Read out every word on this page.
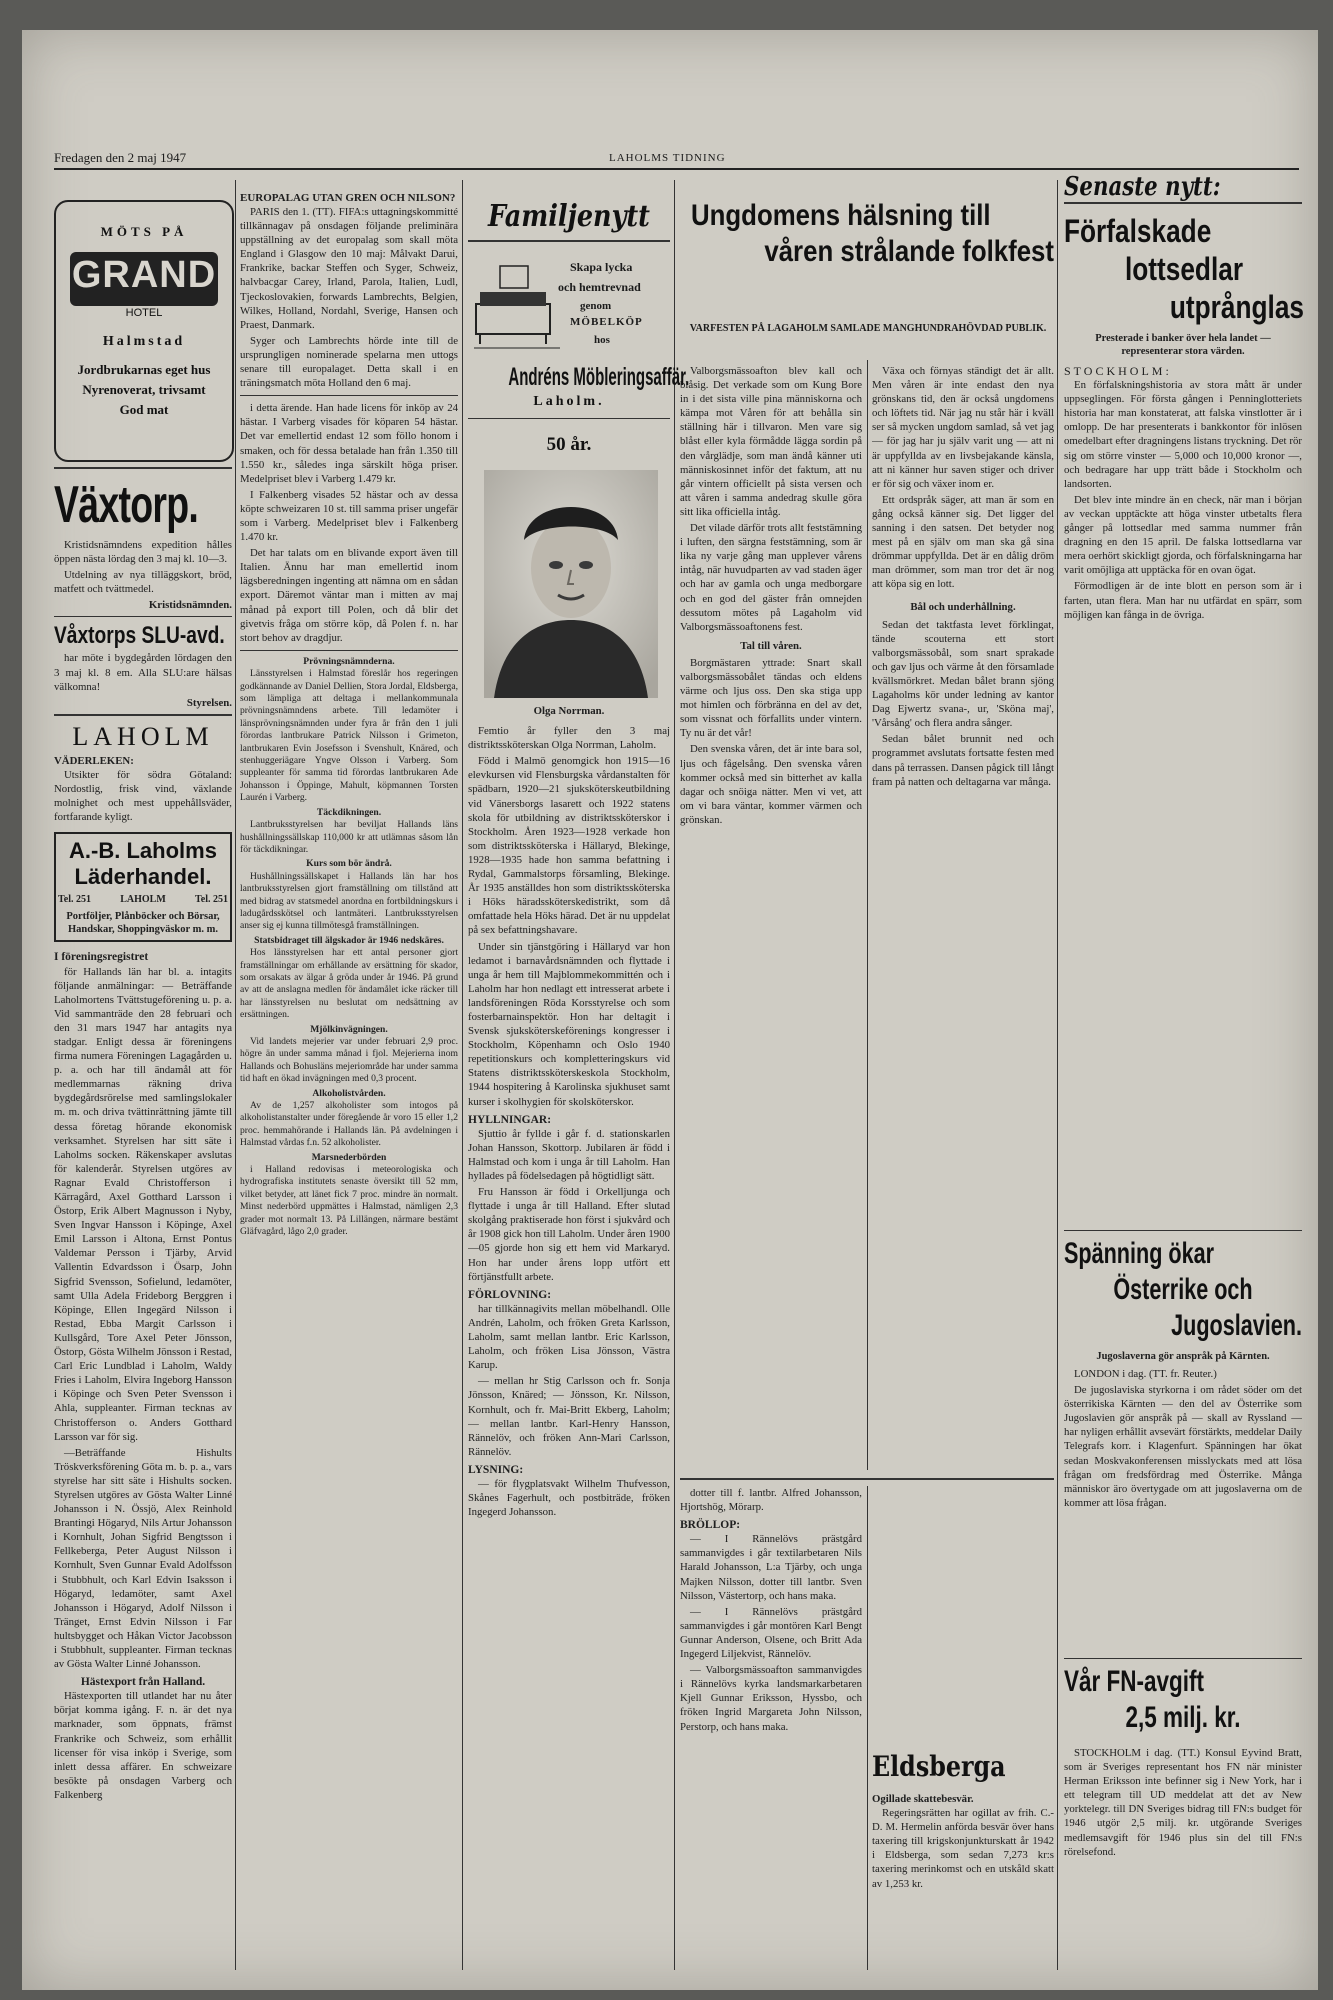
Fredagen den 2 maj 1947	LAHOLMS TIDNING
MÖTS PÅ
GRAND
HOTEL
Halmstad
Jordbrukarnas eget hus
Nyrenoverat, trivsamt
God mat
Växtorp.

Kristidsnämndens expedition hålles öppen nästa lördag den 3 maj kl. 10—3.

Utdelning av nya tilläggskort, bröd, matfett och tvättmedel.

Kristidsnämnden.

Våxtorps SLU-avd.

har möte i bygdegården lördagen den 3 maj kl. 8 em. Alla SLU:are hälsas välkomna!

Styrelsen.

LAHOLM
VÄDERLEKEN:

Utsikter för södra Götaland: Nordostlig, frisk vind, växlande molnighet och mest uppehållsväder, fortfarande kyligt.

A.-B. Laholms
Läderhandel.
Tel. 251	LAHOLM	Tel. 251
Portföljer, Plånböcker och Börsar, Handskar, Shoppingväskor m. m.
I föreningsregistret

för Hallands län har bl. a. intagits följande anmälningar: — Beträffande Laholmortens Tvättstugeförening u. p. a. Vid sammanträde den 28 februari och den 31 mars 1947 har antagits nya stadgar. Enligt dessa är föreningens firma numera Föreningen Lagagården u. p. a. och har till ändamål att för medlemmarnas räkning driva bygdegårdsrörelse med samlingslokaler m. m. och driva tvättinrättning jämte till dessa företag hörande ekonomisk verksamhet. Styrelsen har sitt säte i Laholms socken. Räkenskaper avslutas för kalenderår. Styrelsen utgöres av Ragnar Evald Christofferson i Kärragård, Axel Gotthard Larsson i Östorp, Erik Albert Magnusson i Nyby, Sven Ingvar Hansson i Köpinge, Axel Emil Larsson i Altona, Ernst Pontus Valdemar Persson i Tjärby, Arvid Vallentin Edvardsson i Ösarp, John Sigfrid Svensson, Sofielund, ledamöter, samt Ulla Adela Frideborg Berggren i Köpinge, Ellen Ingegärd Nilsson i Restad, Ebba Margit Carlsson i Kullsgård, Tore Axel Peter Jönsson, Östorp, Gösta Wilhelm Jönsson i Restad, Carl Eric Lundblad i Laholm, Waldy Fries i Laholm, Elvira Ingeborg Hansson i Köpinge och Sven Peter Svensson i Ahla, suppleanter. Firman tecknas av Christofferson o. Anders Gotthard Larsson var för sig.

—Beträffande Hishults Tröskverksförening Göta m. b. p. a., vars styrelse har sitt säte i Hishults socken. Styrelsen utgöres av Gösta Walter Linné Johansson i N. Össjö, Alex Reinhold Brantingi Högaryd, Nils Artur Johansson i Kornhult, Johan Sigfrid Bengtsson i Fellkeberga, Peter August Nilsson i Kornhult, Sven Gunnar Evald Adolfsson i Stubbhult, och Karl Edvin Isaksson i Högaryd, ledamöter, samt Axel Johansson i Högaryd, Adolf Nilsson i Tränget, Ernst Edvin Nilsson i Far hultsbygget och Håkan Victor Jacobsson i Stubbhult, suppleanter. Firman tecknas av Gösta Walter Linné Johansson.

Hästexport från Halland.

Hästexporten till utlandet har nu åter börjat komma igång. F. n. är det nya marknader, som öppnats, främst Frankrike och Schweiz, som erhållit licenser för visa inköp i Sverige, som inlett dessa affärer. En schweizare besökte på onsdagen Varberg och Falkenberg

EUROPALAG UTAN GREN OCH NILSON?

PARIS den 1. (TT). FIFA:s uttagningskommitté tillkännagav på onsdagen följande preliminära uppställning av det europalag som skall möta England i Glasgow den 10 maj: Målvakt Darui, Frankrike, backar Steffen och Syger, Schweiz, halvbacgar Carey, Irland, Parola, Italien, Ludl, Tjeckoslovakien, forwards Lambrechts, Belgien, Wilkes, Holland, Nordahl, Sverige, Hansen och Praest, Danmark.

Syger och Lambrechts hörde inte till de ursprungligen nominerade spelarna men uttogs senare till europalaget. Detta skall i en träningsmatch möta Holland den 6 maj.

i detta ärende. Han hade licens för inköp av 24 hästar. I Varberg visades för köparen 54 hästar. Det var emellertid endast 12 som föllo honom i smaken, och för dessa betalade han från 1.350 till 1.550 kr., således inga särskilt höga priser. Medelpriset blev i Varberg 1.479 kr.

I Falkenberg visades 52 hästar och av dessa köpte schweizaren 10 st. till samma priser ungefär som i Varberg. Medelpriset blev i Falkenberg 1.470 kr.

Det har talats om en blivande export även till Italien. Ännu har man emellertid inom lägsberedningen ingenting att nämna om en sådan export. Däremot väntar man i mitten av maj månad på export till Polen, och då blir det givetvis fråga om större köp, då Polen f. n. har stort behov av dragdjur.

Prövningsnämnderna.

Länsstyrelsen i Halmstad föreslår hos regeringen godkännande av Daniel Dellien, Stora Jordal, Eldsberga, som lämpliga att deltaga i mellankommunala prövningsnämndens arbete. Till ledamöter i länsprövningsnämnden under fyra år från den 1 juli förordas lantbrukare Patrick Nilsson i Grimeton, lantbrukaren Evin Josefsson i Svenshult, Knäred, och stenhuggeriägare Yngve Olsson i Varberg. Som suppleanter för samma tid förordas lantbrukaren Ade Johansson i Öppinge, Mahult, köpmannen Torsten Laurén i Varberg.

Täckdikningen.

Lantbruksstyrelsen har beviljat Hallands läns hushållningssällskap 110,000 kr att utlämnas såsom lån för täckdikningar.

Kurs som bör ändrå.

Hushållningssällskapet i Hallands län har hos lantbruksstyrelsen gjort framställning om tillstånd att med bidrag av statsmedel anordna en fortbildningskurs i ladugårdsskötsel och lantmäteri. Lantbruksstyrelsen anser sig ej kunna tillmötesgå framställningen.

Statsbidraget till älgskador är 1946 nedskäres.

Hos länsstyrelsen har ett antal personer gjort framställningar om erhållande av ersättning för skador, som orsakats av älgar å gröda under år 1946. På grund av att de anslagna medlen för ändamålet icke räcker till har länsstyrelsen nu beslutat om nedsättning av ersättningen.

Mjölkinvägningen.

Vid landets mejerier var under februari 2,9 proc. högre än under samma månad i fjol. Mejerierna inom Hallands och Bohusläns mejeriområde har under samma tid haft en ökad invägningen med 0,3 procent.

Alkoholistvården.

Av de 1,257 alkoholister som intogos på alkoholistanstalter under föregående år voro 15 eller 1,2 proc. hemmahörande i Hallands län. På avdelningen i Halmstad vårdas f.n. 52 alkoholister.

Marsnederbörden

i Halland redovisas i meteorologiska och hydrografiska institutets senaste översikt till 52 mm, vilket betyder, att länet fick 7 proc. mindre än normalt. Minst nederbörd uppmättes i Halmstad, nämligen 2,3 grader mot normalt 13. På Lillängen, närmare bestämt Gläfvagård, lågo 2,0 grader.

Familjenytt
Skapa lycka
och hemtrevnad
genom
MÖBELKÖP
hos
Andréns Möbleringsaffär.
Laholm.
50 år.
Olga Norrman.

Femtio år fyller den 3 maj distriktssköterskan Olga Norrman, Laholm.

Född i Malmö genomgick hon 1915—16 elevkursen vid Flensburgska vårdanstalten för spädbarn, 1920—21 sjuksköterskeutbildning vid Vänersborgs lasarett och 1922 statens skola för utbildning av distriktssköterskor i Stockholm. Åren 1923—1928 verkade hon som distriktssköterska i Hällaryd, Blekinge, 1928—1935 hade hon samma befattning i Rydal, Gammalstorps församling, Blekinge. År 1935 anställdes hon som distriktssköterska i Höks häradssköterskedistrikt, som då omfattade hela Höks härad. Det är nu uppdelat på sex befattningshavare.

Under sin tjänstgöring i Hällaryd var hon ledamot i barnavårdsnämnden och flyttade i unga år hem till Majblommekommittén och i Laholm har hon nedlagt ett intresserat arbete i landsföreningen Röda Korsstyrelse och som fosterbarnainspektör. Hon har deltagit i Svensk sjuksköterskeförenings kongresser i Stockholm, Köpenhamn och Oslo 1940 repetitionskurs och kompletteringskurs vid Statens distriktssköterskeskola Stockholm, 1944 hospitering å Karolinska sjukhuset samt kurser i skolhygien för skolsköterskor.

HYLLNINGAR:

Sjuttio år fyllde i går f. d. stationskarlen Johan Hansson, Skottorp. Jubilaren är född i Halmstad och kom i unga år till Laholm. Han hyllades på födelsedagen på högtidligt sätt.

Fru Hansson är född i Orkelljunga och flyttade i unga år till Halland. Efter slutad skolgång praktiserade hon först i sjukvård och år 1908 gick hon till Laholm. Under åren 1900—05 gjorde hon sig ett hem vid Markaryd. Hon har under årens lopp utfört ett förtjänstfullt arbete.

FÖRLOVNING:

har tillkännagivits mellan möbelhandl. Olle Andrén, Laholm, och fröken Greta Karlsson, Laholm, samt mellan lantbr. Eric Karlsson, Laholm, och fröken Lisa Jönsson, Västra Karup.

— mellan hr Stig Carlsson och fr. Sonja Jönsson, Knäred; — Jönsson, Kr. Nilsson, Kornhult, och fr. Mai-Britt Ekberg, Laholm; — mellan lantbr. Karl-Henry Hansson, Rännelöv, och fröken Ann-Mari Carlsson, Rännelöv.

LYSNING:

— för flygplatsvakt Wilhelm Thufvesson, Skånes Fagerhult, och postbiträde, fröken Ingegerd Johansson.

Ungdomens hälsning till
våren strålande folkfest
VARFESTEN PÅ LAGAHOLM SAMLADE MANGHUNDRAHÖVDAD PUBLIK.

Valborgsmässoafton blev kall och blåsig. Det verkade som om Kung Bore in i det sista ville pina människorna och kämpa mot Våren för att behålla sin ställning här i tillvaron. Men vare sig blåst eller kyla förmådde lägga sordin på den vårglädje, som man ändå känner uti människosinnet inför det faktum, att nu går vintern officiellt på sista versen och att våren i samma andedrag skulle göra sitt lika officiella intåg.

Det vilade därför trots allt feststämning i luften, den särgna feststämning, som är lika ny varje gång man upplever vårens intåg, när huvudparten av vad staden äger och har av gamla och unga medborgare och en god del gäster från omnejden dessutom mötes på Lagaholm vid Valborgsmässoaftonens fest.

Tal till våren.

Borgmästaren yttrade: Snart skall valborgsmässobålet tändas och eldens värme och ljus oss. Den ska stiga upp mot himlen och förbränna en del av det, som vissnat och förfallits under vintern. Ty nu är det vår!

Den svenska våren, det är inte bara sol, ljus och fågelsång. Den svenska våren kommer också med sin bitterhet av kalla dagar och snöiga nätter. Men vi vet, att om vi bara väntar, kommer värmen och grönskan.

Växa och förnyas ständigt det är allt. Men våren är inte endast den nya grönskans tid, den är också ungdomens och löftets tid. När jag nu står här i kväll ser så mycken ungdom samlad, så vet jag — för jag har ju själv varit ung — att ni är uppfyllda av en livsbejakande känsla, att ni känner hur saven stiger och driver er för sig och växer inom er.

Ett ordspråk säger, att man är som en gång också känner sig. Det ligger del sanning i den satsen. Det betyder nog mest på en själv om man ska gå sina drömmar uppfyllda. Det är en dålig dröm man drömmer, som man tror det är nog att köpa sig en lott.

Bål och underhållning.

Sedan det taktfasta levet förklingat, tände scouterna ett stort valborgsmässobål, som snart sprakade och gav ljus och värme åt den församlade kvällsmörkret. Medan bålet brann sjöng Lagaholms kör under ledning av kantor Dag Ejwertz svana-, ur, 'Sköna maj', 'Vårsång' och flera andra sånger.

Sedan bålet brunnit ned och programmet avslutats fortsatte festen med dans på terrassen. Dansen pågick till långt fram på natten och deltagarna var många.

dotter till f. lantbr. Alfred Johansson, Hjortshög, Mörarp.

BRÖLLOP:

— I Rännelövs prästgård sammanvigdes i går textilarbetaren Nils Harald Johansson, L:a Tjärby, och unga Majken Nilsson, dotter till lantbr. Sven Nilsson, Västertorp, och hans maka.

— I Rännelövs prästgård sammanvigdes i går montören Karl Bengt Gunnar Anderson, Olsene, och Britt Ada Ingegerd Liljekvist, Rännelöv.

— Valborgsmässoafton sammanvigdes i Rännelövs kyrka landsmarkarbetaren Kjell Gunnar Eriksson, Hyssbo, och fröken Ingrid Margareta John Nilsson, Perstorp, och hans maka.

Eldsberga
Ogillade skattebesvär.

Regeringsrätten har ogillat av frih. C.-D. M. Hermelin anförda besvär över hans taxering till krigskonjunkturskatt år 1942 i Eldsberga, som sedan 7,273 kr:s taxering merinkomst och en utskåld skatt av 1,253 kr.

Senaste nytt:
Förfalskade
lottsedlar
utprånglas
Presterade i banker över hela landet — representerar stora värden.
STOCKHOLM:

En förfalskningshistoria av stora mått är under uppseglingen. För första gången i Penninglotteriets historia har man konstaterat, att falska vinstlotter är i omlopp. De har presenterats i bankkontor för inlösen omedelbart efter dragningens listans tryckning. Det rör sig om större vinster — 5,000 och 10,000 kronor —, och bedragare har upp trätt både i Stockholm och landsorten.

Det blev inte mindre än en check, när man i början av veckan upptäckte att höga vinster utbetalts flera gånger på lottsedlar med samma nummer från dragning en den 15 april. De falska lottsedlarna var mera oerhört skickligt gjorda, och förfalskningarna har varit omöjliga att upptäcka för en ovan ögat.

Förmodligen är de inte blott en person som är i farten, utan flera. Man har nu utfärdat en spärr, som möjligen kan fånga in de övriga.

Spänning ökar
Österrike och
Jugoslavien.
Jugoslaverna gör anspråk på Kärnten.

LONDON i dag. (TT. fr. Reuter.)

De jugoslaviska styrkorna i om rådet söder om det österrikiska Kärnten — den del av Österrike som Jugoslavien gör anspråk på — skall av Ryssland — har nyligen erhållit avsevärt förstärkts, meddelar Daily Telegrafs korr. i Klagenfurt. Spänningen har ökat sedan Moskvakonferensen misslyckats med att lösa frågan om fredsfördrag med Österrike. Många människor äro övertygade om att jugoslaverna om de kommer att lösa frågan.

Vår FN-avgift
2,5 milj. kr.

STOCKHOLM i dag. (TT.) Konsul Eyvind Bratt, som är Sveriges representant hos FN när minister Herman Eriksson inte befinner sig i New York, har i ett telegram till UD meddelat att det av New yorktelegr. till DN Sveriges bidrag till FN:s budget för 1946 utgör 2,5 milj. kr. utgörande Sveriges medlemsavgift för 1946 plus sin del till FN:s rörelsefond.
